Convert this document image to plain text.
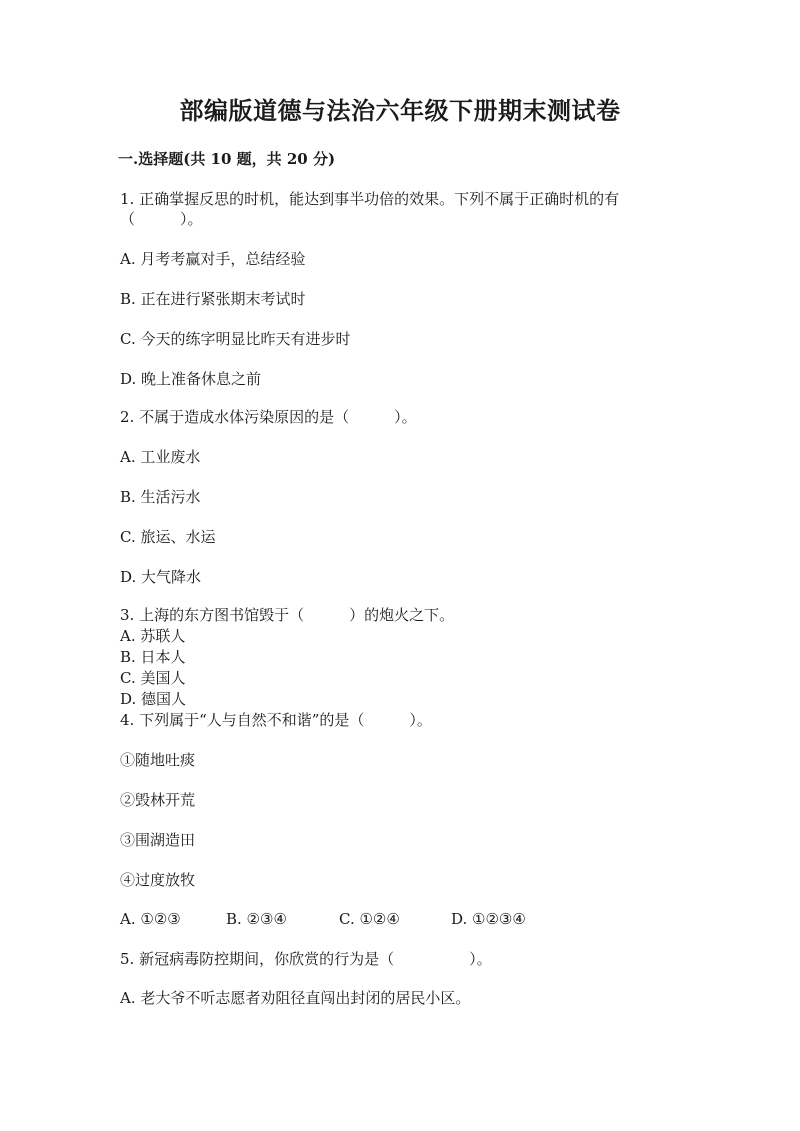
部编版道德与法治六年级下册期末测试卷
一.选择题(共 10 题，共 20 分)
1. 正确掌握反思的时机，能达到事半功倍的效果。下列不属于正确时机的有
（　　　）。
A. 月考考赢对手，总结经验
B. 正在进行紧张期末考试时
C. 今天的练字明显比昨天有进步时
D. 晚上准备休息之前
2. 不属于造成水体污染原因的是（　　　）。
A. 工业废水
B. 生活污水
C. 旅运、水运
D. 大气降水
3. 上海的东方图书馆毁于（　　　）的炮火之下。
A. 苏联人
B. 日本人
C. 美国人
D. 德国人
4. 下列属于“人与自然不和谐”的是（　　　）。
①随地吐痰
②毁林开荒
③围湖造田
④过度放牧
A. ①②③	B. ②③④	C. ①②④	D. ①②③④
5. 新冠病毒防控期间，你欣赏的行为是（　　　　　）。
A. 老大爷不听志愿者劝阻径直闯出封闭的居民小区。
